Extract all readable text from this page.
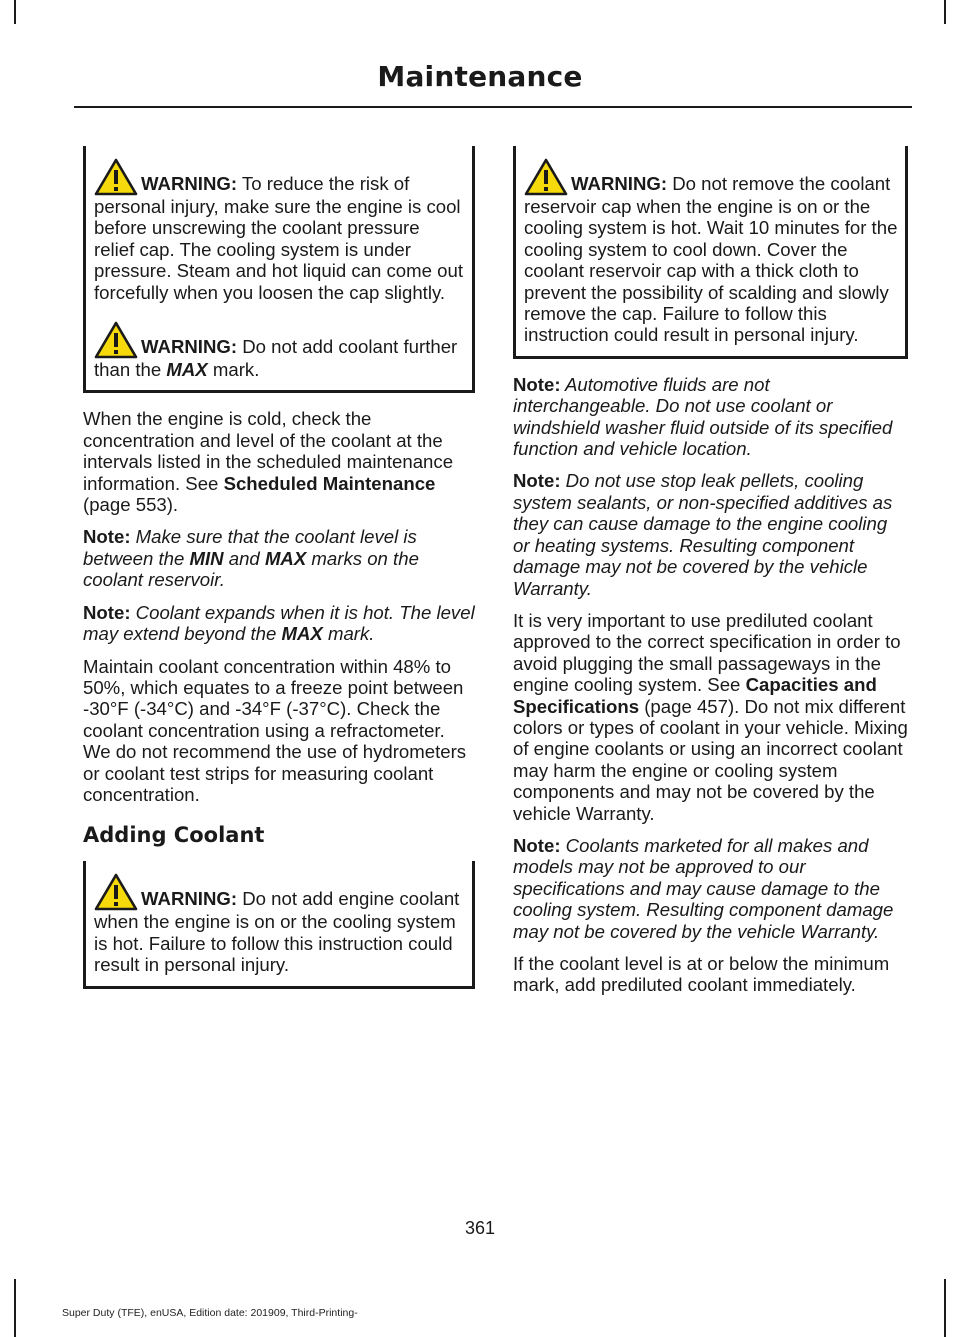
Maintenance

WARNING: To reduce the risk of personal injury, make sure the engine is cool before unscrewing the coolant pressure relief cap. The cooling system is under pressure. Steam and hot liquid can come out forcefully when you loosen the cap slightly.

WARNING: Do not add coolant further than the MAX mark.

When the engine is cold, check the concentration and level of the coolant at the intervals listed in the scheduled maintenance information. See Scheduled Maintenance (page 553).

Note: Make sure that the coolant level is between the MIN and MAX marks on the coolant reservoir.

Note: Coolant expands when it is hot. The level may extend beyond the MAX mark.

Maintain coolant concentration within 48% to 50%, which equates to a freeze point between -30°F (-34°C) and -34°F (-37°C). Check the coolant concentration using a refractometer. We do not recommend the use of hydrometers or coolant test strips for measuring coolant concentration.

Adding Coolant

WARNING: Do not add engine coolant when the engine is on or the cooling system is hot. Failure to follow this instruction could result in personal injury.

WARNING: Do not remove the coolant reservoir cap when the engine is on or the cooling system is hot. Wait 10 minutes for the cooling system to cool down. Cover the coolant reservoir cap with a thick cloth to prevent the possibility of scalding and slowly remove the cap. Failure to follow this instruction could result in personal injury.

Note: Automotive fluids are not interchangeable. Do not use coolant or windshield washer fluid outside of its specified function and vehicle location.

Note: Do not use stop leak pellets, cooling system sealants, or non-specified additives as they can cause damage to the engine cooling or heating systems. Resulting component damage may not be covered by the vehicle Warranty.

It is very important to use prediluted coolant approved to the correct specification in order to avoid plugging the small passageways in the engine cooling system. See Capacities and Specifications (page 457). Do not mix different colors or types of coolant in your vehicle. Mixing of engine coolants or using an incorrect coolant may harm the engine or cooling system components and may not be covered by the vehicle Warranty.

Note: Coolants marketed for all makes and models may not be approved to our specifications and may cause damage to the cooling system. Resulting component damage may not be covered by the vehicle Warranty.

If the coolant level is at or below the minimum mark, add prediluted coolant immediately.

361
Super Duty (TFE), enUSA, Edition date: 201909, Third-Printing-
